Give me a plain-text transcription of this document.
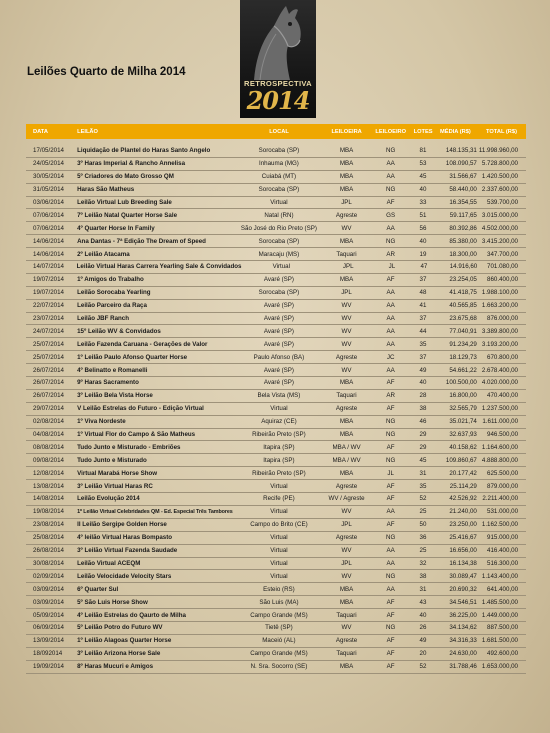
Leilões Quarto de Milha 2014
RETROSPECTIVA
2014
DATA	LEILÃO	LOCAL	LEILOEIRA	LEILOEIRO	LOTES	MÉDIA (R$)	TOTAL (R$)
17/05/2014	Liquidação de Plantel do Haras Santo Angelo	Sorocaba (SP)	MBA	NG	81	148.135,31 11.998.960,00
24/05/2014	3º Haras Imperial & Rancho Annelisa	Inhauma (MG)	MBA	AA	53	108.090,57 5.728.800,00
30/05/2014	5º Criadores do Mato Grosso QM	Cuiabá (MT)	MBA	AA	45	31.566,67 1.420.500,00
31/05/2014	Haras São Matheus	Sorocaba (SP)	MBA	NG	40	58.440,00 2.337.600,00
03/06/2014	Leilão Virtual Lub Breeding Sale	Virtual	JPL	AF	33	16.354,55	539.700,00
07/06/2014	7º Leilão Natal Quarter Horse Sale	Natal (RN)	Agreste	GS	51	59.117,65 3.015.000,00
07/06/2014	4º Quarter Horse In Family	São José do Rio Preto (SP)	WV	AA	56	80.392,86 4.502.000,00
14/06/2014	Ana Dantas - 7ª Edição The Dream of Speed	Sorocaba (SP)	MBA	NG	40	85.380,00 3.415.200,00
14/06/2014	2º Leilão Atacama	Maracaju (MS)	Taquari	AR	19	18.300,00	347.700,00
14/07/2014	Leilão Virtual Haras Carrera Yearling Sale & Convidados	Virtual	JPL	JL	47	14.916,60	701.080,00
19/07/2014	1º Amigos do Trabalho	Avaré (SP)	MBA	AF	37	23.254,05	860.400,00
19/07/2014	Leilão Sorocaba Yearling	Sorocaba (SP)	JPL	AA	48	41.418,75 1.988.100,00
22/07/2014	Leilão Parceiro da Raça	Avaré (SP)	WV	AA	41	40.565,85 1.663.200,00
23/07/2014	Leilão JBF Ranch	Avaré (SP)	WV	AA	37	23.675,68	876.000,00
24/07/2014	15º Leilão WV & Convidados	Avaré (SP)	WV	AA	44	77.040,91 3.389.800,00
25/07/2014	Leilão Fazenda Caruana - Gerações de Valor	Avaré (SP)	WV	AA	35	91.234,29 3.193.200,00
25/07/2014	1º Leilão Paulo Afonso Quarter Horse	Paulo Afonso (BA)	Agreste	JC	37	18.129,73	670.800,00
26/07/2014	4º Belinatto e Romanelli	Avaré (SP)	WV	AA	49	54.661,22 2.678.400,00
26/07/2014	9º Haras Sacramento	Avaré (SP)	MBA	AF	40	100.500,00 4.020.000,00
26/07/2014	3º Leilão Bela Vista Horse	Bela Vista (MS)	Taquari	AR	28	16.800,00	470.400,00
29/07/2014	V Leilão Estrelas do Futuro - Edição Virtual	Virtual	Agreste	AF	38	32.565,79 1.237.500,00
02/08/2014	1º Viva Nordeste	Aquiraz (CE)	MBA	NG	46	35.021,74 1.611.000,00
04/08/2014	1º Virtual Flor do Campo & São Matheus	Ribeirão Preto (SP)	MBA	NG	29	32.637,93	946.500,00
08/08/2014	Tudo Junto e Misturado - Embriões	Itapira (SP)	MBA / WV	AF	29	40.158,62 1.164.600,00
09/08/2014	Tudo Junto e Misturado	Itapira (SP)	MBA / WV	NG	45	109.860,67 4.888.800,00
12/08/2014	Virtual Marabá Horse Show	Ribeirão Preto (SP)	MBA	JL	31	20.177,42	625.500,00
13/08/2014	3º Leilão Virtual Haras RC	Virtual	Agreste	AF	35	25.114,29	879.000,00
14/08/2014	Leilão Evolução 2014	Recife (PE)	WV / Agreste	AF	52	42.526,92 2.211.400,00
19/08/2014	1º Leilão Virtual Celebridades QM - Ed. Especial Três Tambores	Virtual	WV	AA	25	21.240,00	531.000,00
23/08/2014	II Leilão Sergipe Golden Horse	Campo do Brito (CE)	JPL	AF	50	23.250,00 1.162.500,00
25/08/2014	4º leilão Virtual Haras Bompasto	Virtual	Agreste	NG	36	25.416,67	915.000,00
26/08/2014	3º Leilão Virtual Fazenda Saudade	Virtual	WV	AA	25	16.656,00	416.400,00
30/08/2014	Leilão Virtual ACEQM	Virtual	JPL	AA	32	16.134,38	516.300,00
02/09/2014	Leilão Velocidade Velocity Stars	Virtual	WV	NG	38	30.089,47 1.143.400,00
03/09/2014	6º Quarter Sul	Esteio (RS)	MBA	AA	31	20.690,32	641.400,00
03/09/2014	5º São Luis Horse Show	São Luis (MA)	MBA	AF	43	34.546,51 1.485.500,00
05/09/2014	4º Leilão Estrelas do Qaurto de Milha	Campo Grande (MS)	Taquari	AF	40	36.225,00 1.449.000,00
06/09/2014	5º Leilão Potro do Futuro WV	Tietê (SP)	WV	NG	26	34.134,62	887.500,00
13/09/2014	1º Leilão Alagoas Quarter Horse	Maceió (AL)	Agreste	AF	49	34.316,33 1.681.500,00
18/092014	3º Leilão Arizona Horse Sale	Campo Grande (MS)	Taquari	AF	20	24.630,00	492.600,00
19/09/2014	8º Haras Mucuri e Amigos	N. Sra. Socorro (SE)	MBA	AF	52	31.788,46 1.653.000,00
